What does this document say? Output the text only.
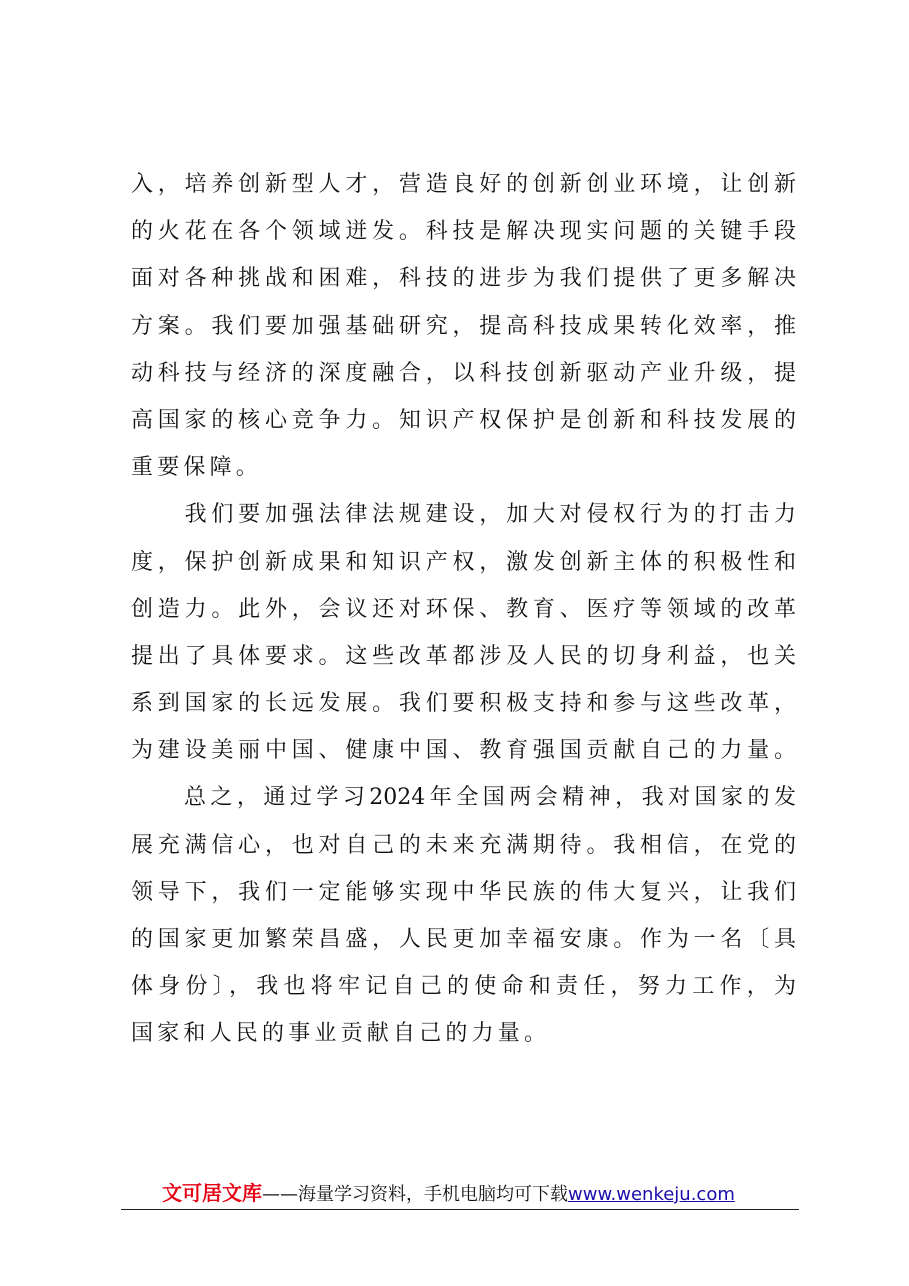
入，培养创新型人才，营造良好的创新创业环境，让创新
的火花在各个领域迸发。科技是解决现实问题的关键手段
面对各种挑战和困难，科技的进步为我们提供了更多解决
方案。我们要加强基础研究，提高科技成果转化效率，推
动科技与经济的深度融合，以科技创新驱动产业升级，提
高国家的核心竞争力。知识产权保护是创新和科技发展的
重要保障。
　　我们要加强法律法规建设，加大对侵权行为的打击力
度，保护创新成果和知识产权，激发创新主体的积极性和
创造力。此外，会议还对环保、教育、医疗等领域的改革
提出了具体要求。这些改革都涉及人民的切身利益，也关
系到国家的长远发展。我们要积极支持和参与这些改革，
为建设美丽中国、健康中国、教育强国贡献自己的力量。
　　总之，通过学习2024年全国两会精神，我对国家的发
展充满信心，也对自己的未来充满期待。我相信，在党的
领导下，我们一定能够实现中华民族的伟大复兴，让我们
的国家更加繁荣昌盛，人民更加幸福安康。作为一名〔具
体身份〕，我也将牢记自己的使命和责任，努力工作，为
国家和人民的事业贡献自己的力量。
文可居文库——海量学习资料，手机电脑均可下载www.wenkeju.com
